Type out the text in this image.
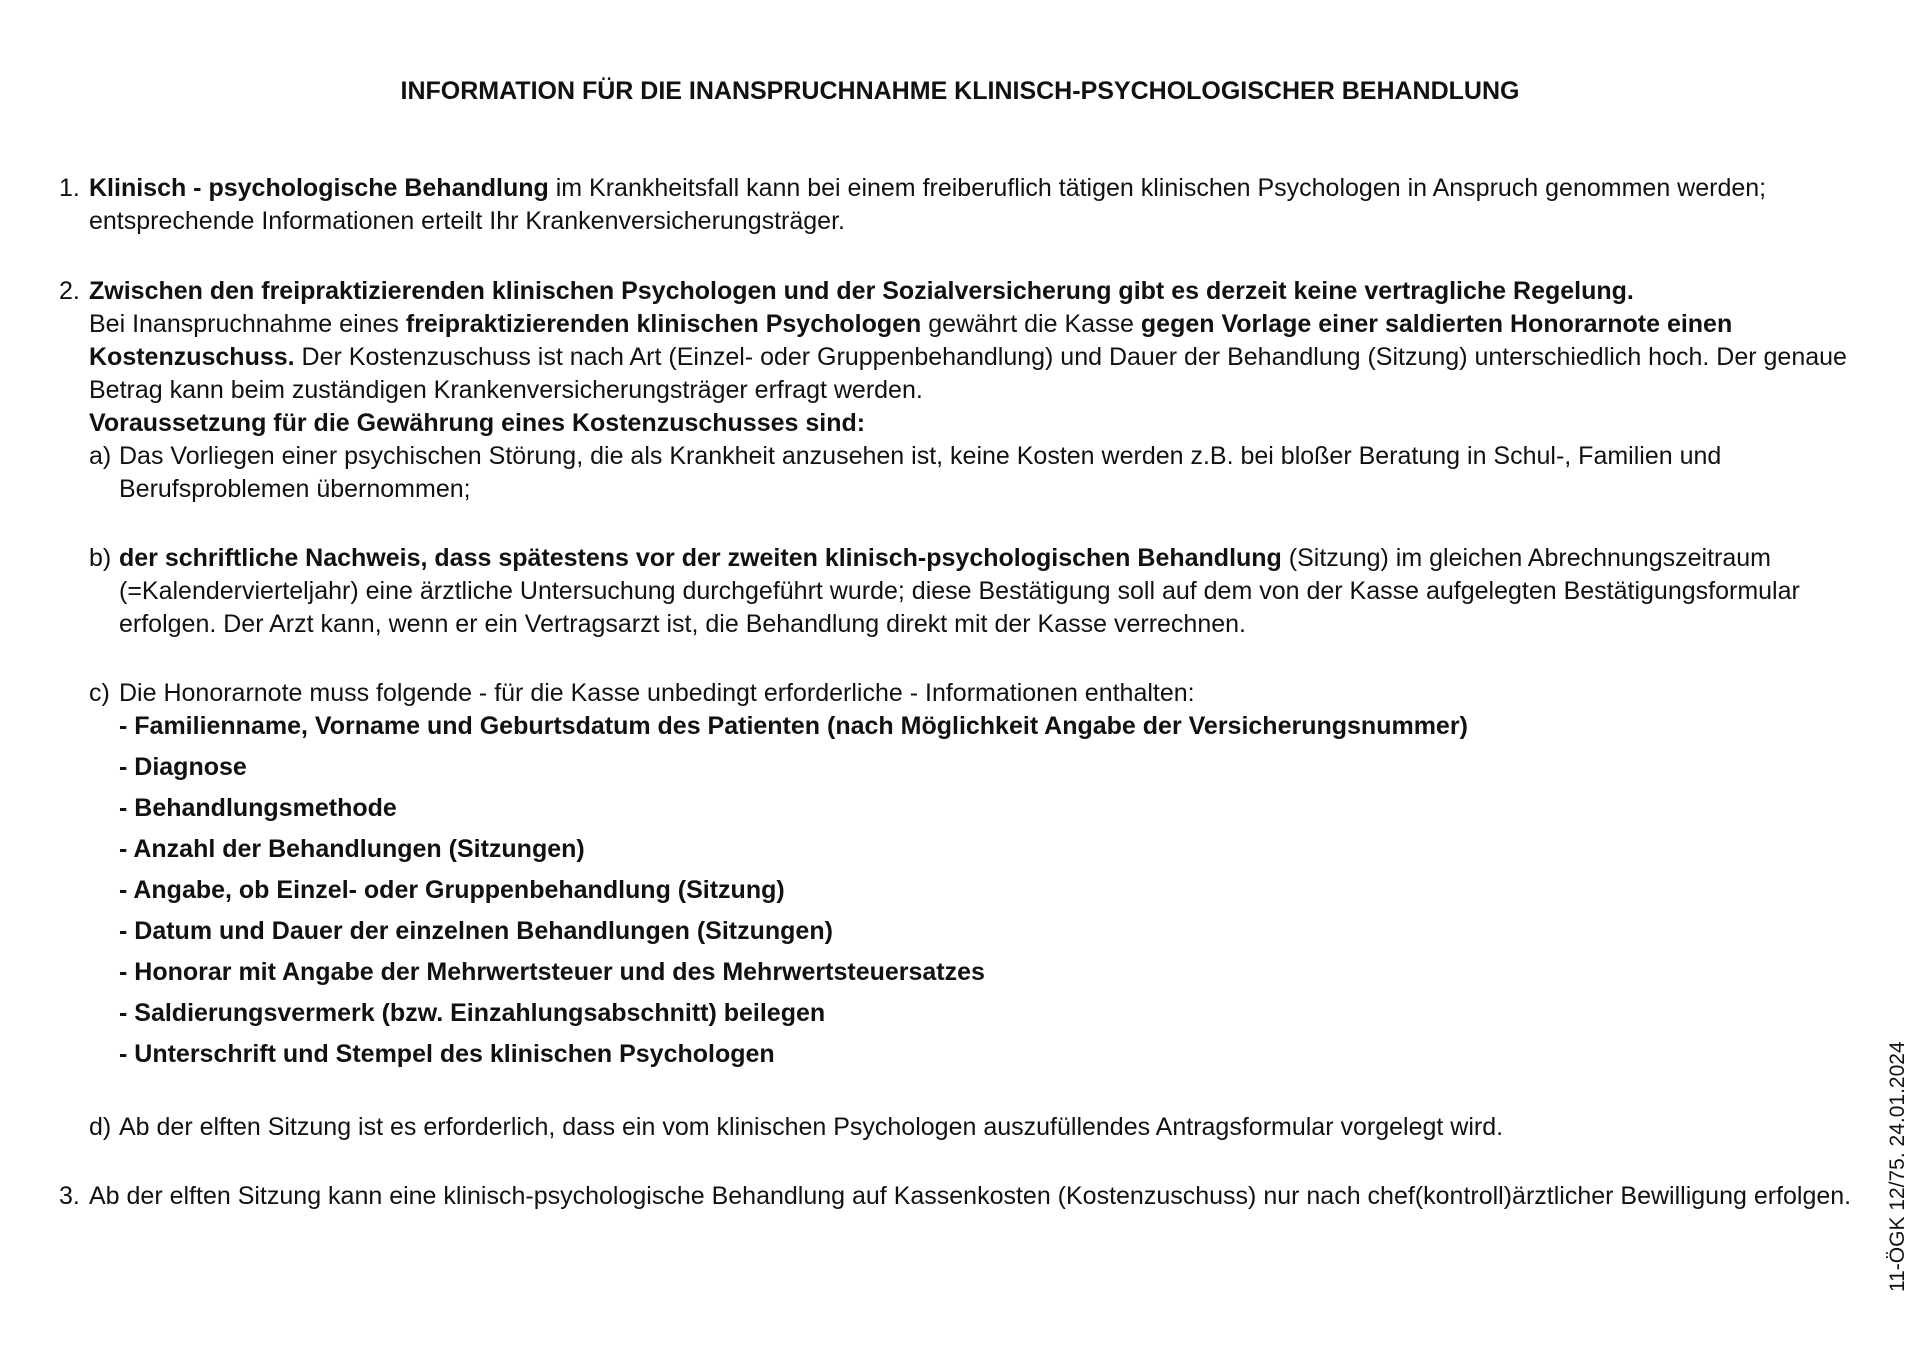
INFORMATION FÜR DIE INANSPRUCHNAHME KLINISCH-PSYCHOLOGISCHER BEHANDLUNG
1. Klinisch - psychologische Behandlung im Krankheitsfall kann bei einem freiberuflich tätigen klinischen Psychologen in Anspruch genommen werden; entsprechende Informationen erteilt Ihr Krankenversicherungsträger.

2. Zwischen den freipraktizierenden klinischen Psychologen und der Sozialversicherung gibt es derzeit keine vertragliche Regelung.

Bei Inanspruchnahme eines freipraktizierenden klinischen Psychologen gewährt die Kasse gegen Vorlage einer saldierten Honorarnote einen Kostenzuschuss. Der Kostenzuschuss ist nach Art (Einzel- oder Gruppenbehandlung) und Dauer der Behandlung (Sitzung) unterschiedlich hoch. Der genaue Betrag kann beim zuständigen Krankenversicherungsträger erfragt werden.

Voraussetzung für die Gewährung eines Kostenzuschusses sind:

a) Das Vorliegen einer psychischen Störung, die als Krankheit anzusehen ist, keine Kosten werden z.B. bei bloßer Beratung in Schul-, Familien und Berufsproblemen übernommen;

b) der schriftliche Nachweis, dass spätestens vor der zweiten klinisch-psychologischen Behandlung (Sitzung) im gleichen Abrechnungszeitraum (=Kalendervierteljahr) eine ärztliche Untersuchung durchgeführt wurde; diese Bestätigung soll auf dem von der Kasse aufgelegten Bestätigungsformular erfolgen. Der Arzt kann, wenn er ein Vertragsarzt ist, die Behandlung direkt mit der Kasse verrechnen.

c) Die Honorarnote muss folgende - für die Kasse unbedingt erforderliche - Informationen enthalten:

- Familienname, Vorname und Geburtsdatum des Patienten (nach Möglichkeit Angabe der Versicherungsnummer)
- Diagnose
- Behandlungsmethode
- Anzahl der Behandlungen (Sitzungen)
- Angabe, ob Einzel- oder Gruppenbehandlung (Sitzung)
- Datum und Dauer der einzelnen Behandlungen (Sitzungen)
- Honorar mit Angabe der Mehrwertsteuer und des Mehrwertsteuersatzes
- Saldierungsvermerk (bzw. Einzahlungsabschnitt) beilegen
- Unterschrift und Stempel des klinischen Psychologen
d) Ab der elften Sitzung ist es erforderlich, dass ein vom klinischen Psychologen auszufüllendes Antragsformular vorgelegt wird.

3. Ab der elften Sitzung kann eine klinisch-psychologische Behandlung auf Kassenkosten (Kostenzuschuss) nur nach chef(kontroll)ärztlicher Bewilligung erfolgen.	11-ÖGK 12/75. 24.01.2024
